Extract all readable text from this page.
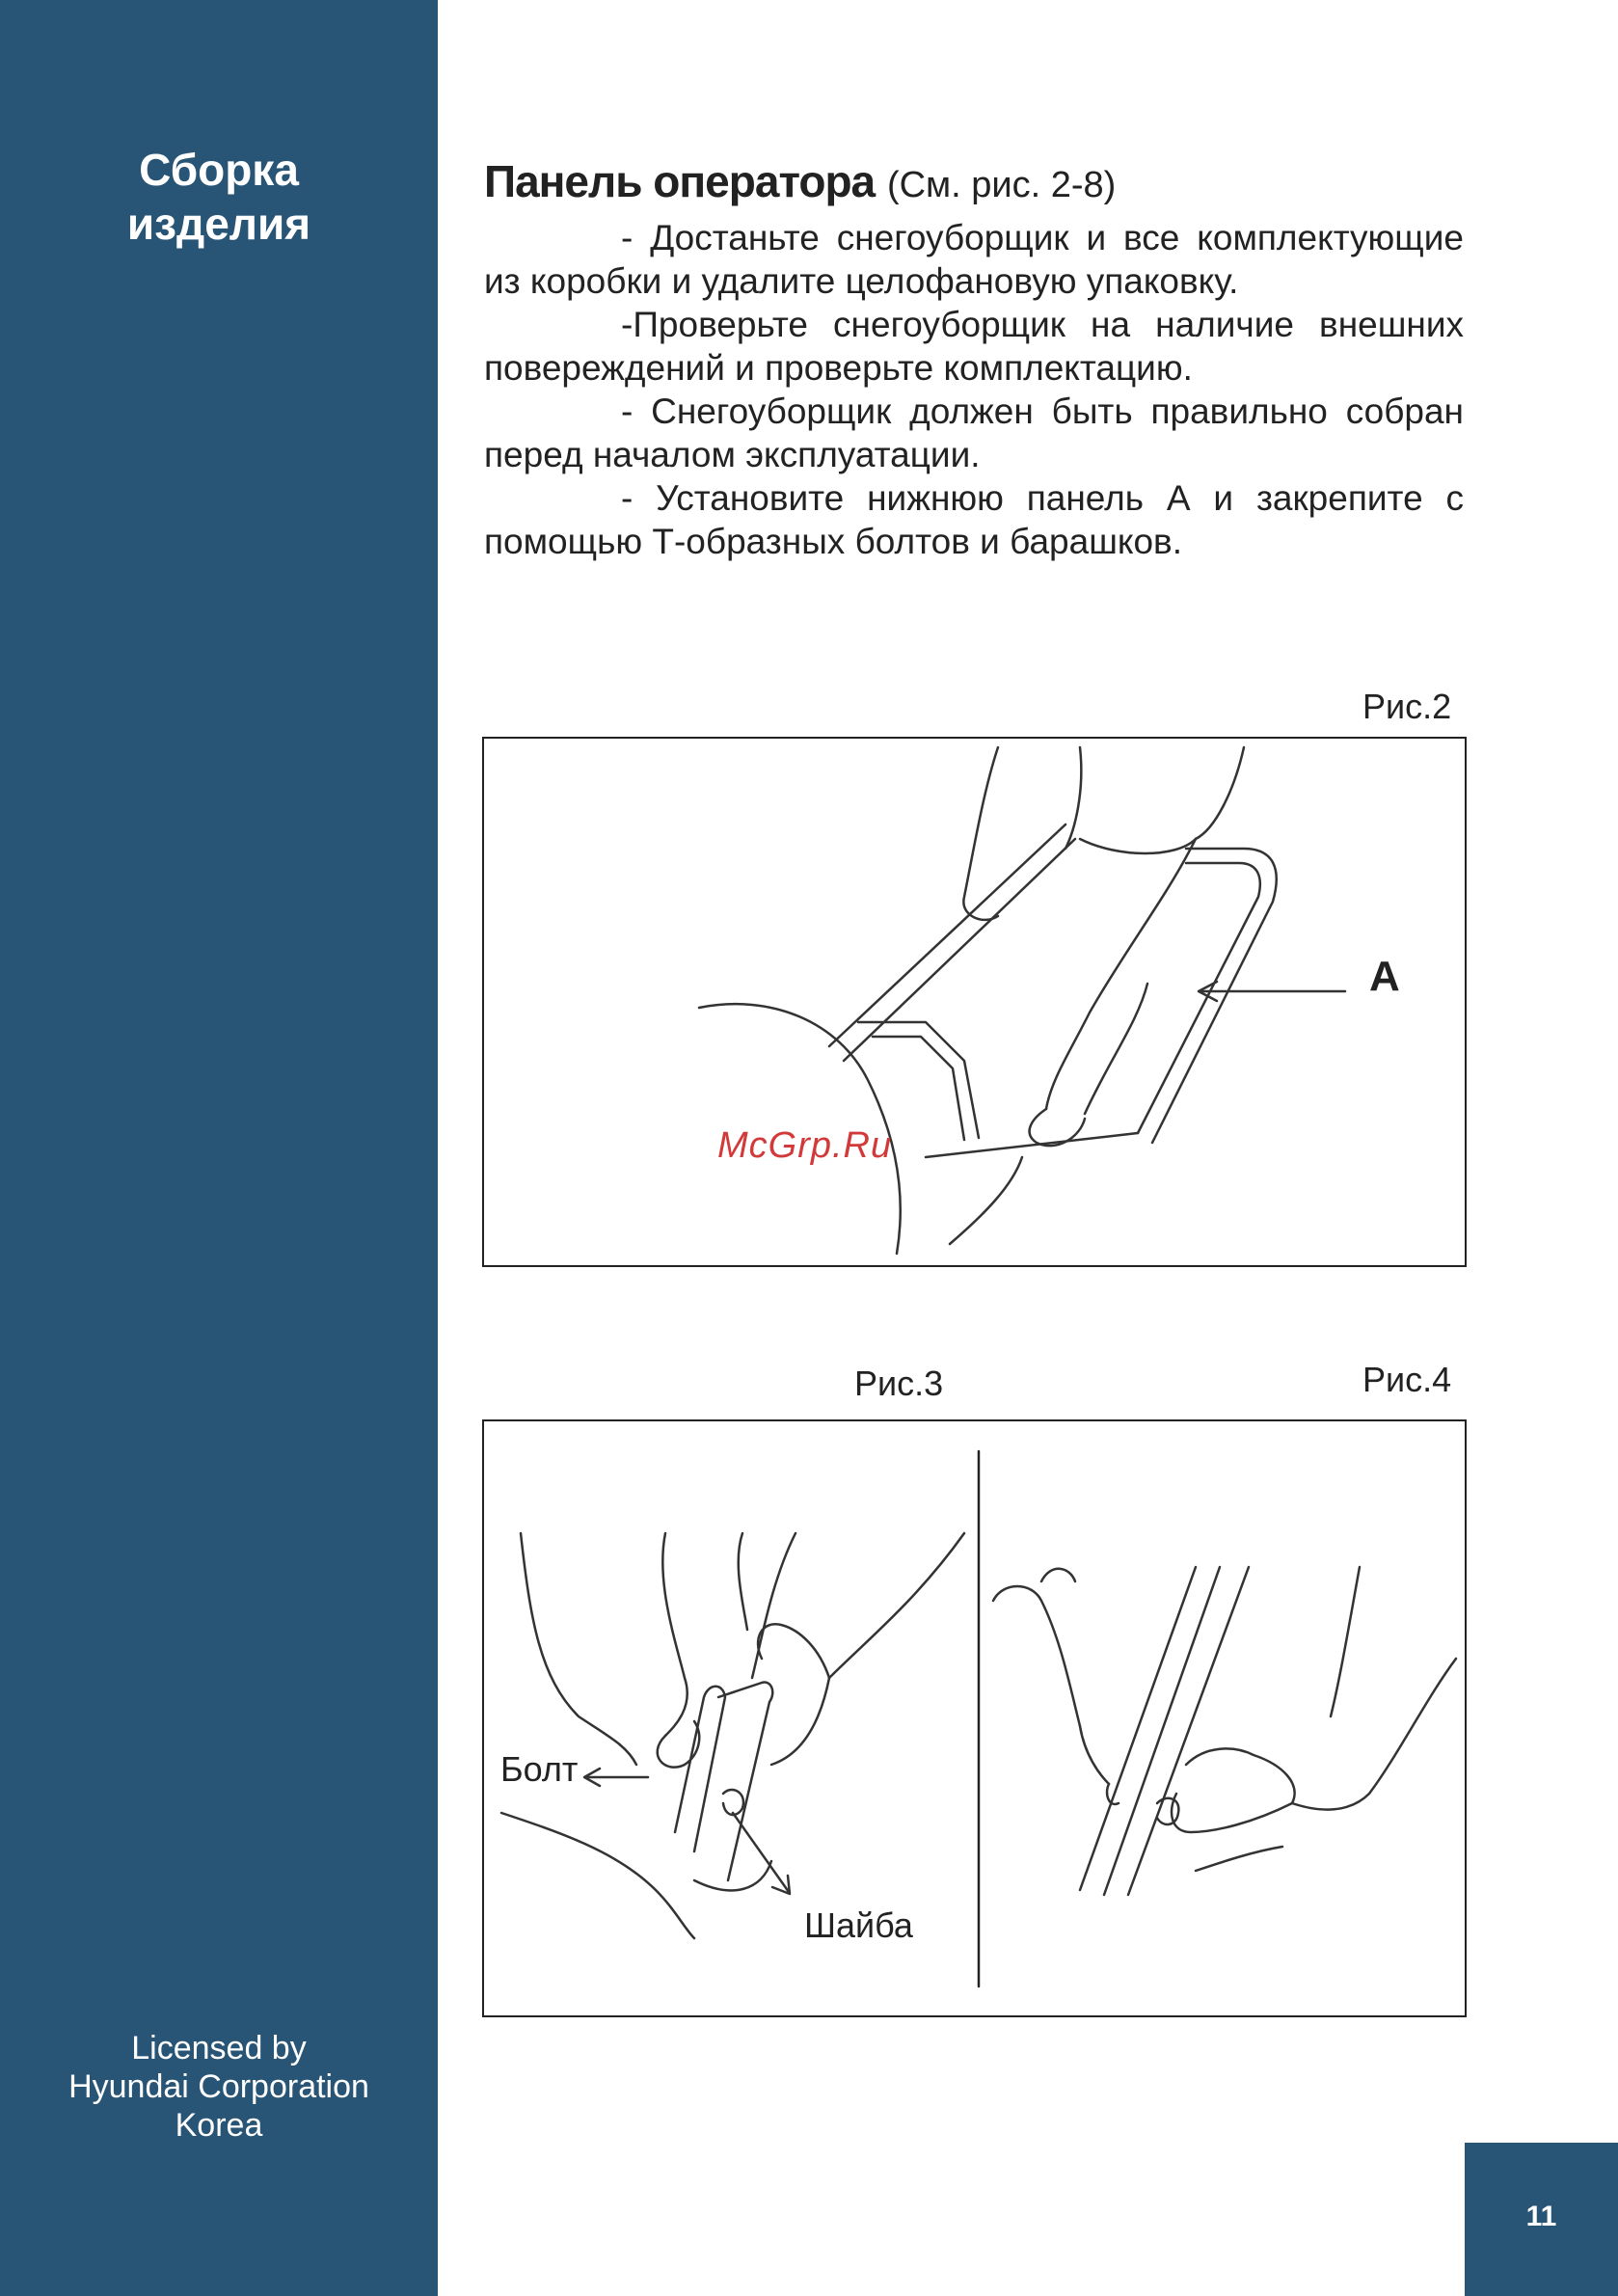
Сборка
изделия
Licensed by
Hyundai Corporation
Korea
11
Панель оператора (См. рис. 2-8)

- Достаньте снегоуборщик и все комплектующие из коробки и удалите целофановую упаковку.

-Проверьте снегоуборщик на наличие внешних повереждений и проверьте комплектацию.

- Снегоуборщик должен быть правильно собран перед началом эксплуатации.

- Установите нижнюю панель А и закрепите с помощью Т-образных болтов и барашков.

Рис.2
Рис.3	Рис.4
A
McGrp.Ru
Болт
Шайба
